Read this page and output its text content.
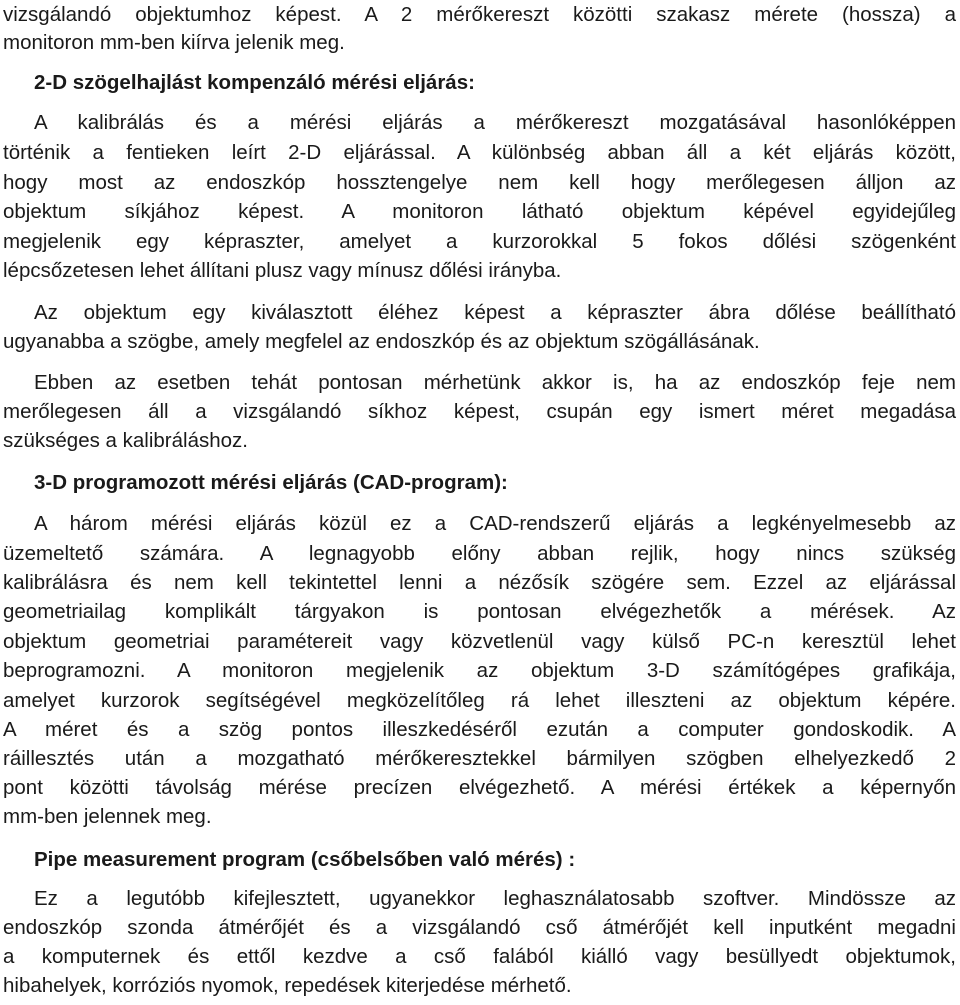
vizsgálandó objektumhoz képest. A 2 mérőkereszt közötti szakasz mérete (hossza) a
monitoron mm-ben kiírva jelenik meg.
2-D szögelhajlást kompenzáló mérési eljárás:
A kalibrálás és a mérési eljárás a mérőkereszt mozgatásával hasonlóképpen
történik a fentieken leírt 2-D eljárással. A különbség abban áll a két eljárás között,
hogy most az endoszkóp hossztengelye nem kell hogy merőlegesen álljon az
objektum síkjához képest. A monitoron látható objektum képével egyidejűleg
megjelenik egy képraszter, amelyet a kurzorokkal 5 fokos dőlési szögenként
lépcsőzetesen lehet állítani plusz vagy mínusz dőlési irányba.
Az objektum egy kiválasztott éléhez képest a képraszter ábra dőlése beállítható
ugyanabba a szögbe, amely megfelel az endoszkóp és az objektum szögállásának.
Ebben az esetben tehát pontosan mérhetünk akkor is, ha az endoszkóp feje nem
merőlegesen áll a vizsgálandó síkhoz képest, csupán egy ismert méret megadása
szükséges a kalibráláshoz.
3-D programozott mérési eljárás (CAD-program):
A három mérési eljárás közül ez a CAD-rendszerű eljárás a legkényelmesebb az
üzemeltető számára. A legnagyobb előny abban rejlik, hogy nincs szükség
kalibrálásra és nem kell tekintettel lenni a nézősík szögére sem. Ezzel az eljárással
geometriailag komplikált tárgyakon is pontosan elvégezhetők a mérések. Az
objektum geometriai paramétereit vagy közvetlenül vagy külső PC-n keresztül lehet
beprogramozni. A monitoron megjelenik az objektum 3-D számítógépes grafikája,
amelyet kurzorok segítségével megközelítőleg rá lehet illeszteni az objektum képére.
A méret és a szög pontos illeszkedéséről ezután a computer gondoskodik. A
ráillesztés után a mozgatható mérőkeresztekkel bármilyen szögben elhelyezkedő 2
pont közötti távolság mérése precízen elvégezhető. A mérési értékek a képernyőn
mm-ben jelennek meg.
Pipe measurement program (csőbelsőben való mérés) :
Ez a legutóbb kifejlesztett, ugyanekkor leghasználatosabb szoftver. Mindössze az
endoszkóp szonda átmérőjét és a vizsgálandó cső átmérőjét kell inputként megadni
a komputernek és ettől kezdve a cső falából kiálló vagy besüllyedt objektumok,
hibahelyek, korróziós nyomok, repedések kiterjedése mérhető.
